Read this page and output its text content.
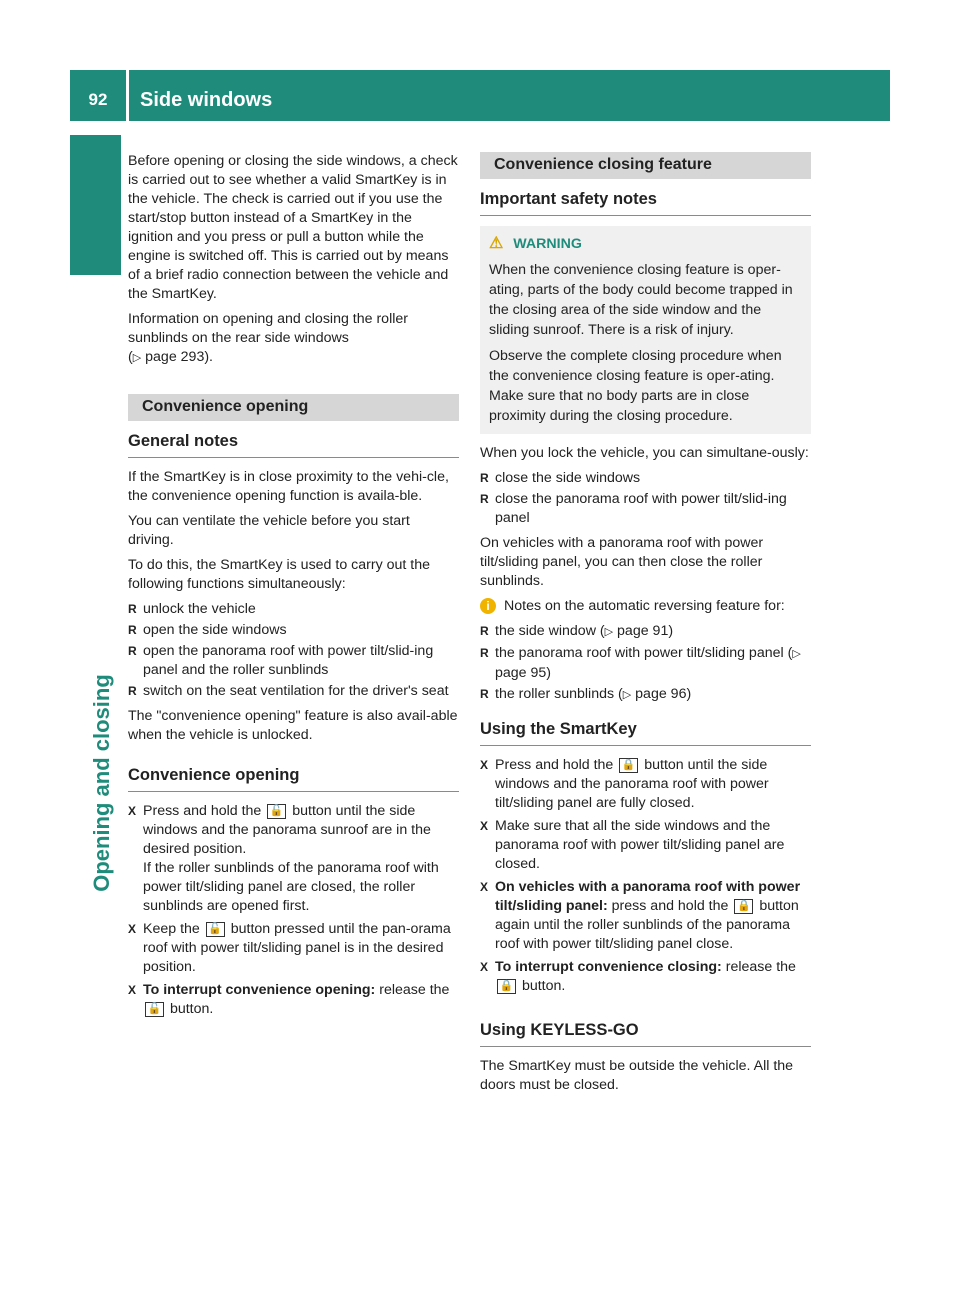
92	Side windows
Opening and closing

Before opening or closing the side windows, a check is carried out to see whether a valid SmartKey is in the vehicle. The check is carried out if you use the start/stop button instead of a SmartKey in the ignition and you press or pull a button while the engine is switched off. This is carried out by means of a brief radio connection between the vehicle and the SmartKey.

Information on opening and closing the roller sunblinds on the rear side windows
(▷ page 293).

Convenience opening
General notes

If the SmartKey is in close proximity to the vehi-cle, the convenience opening function is availa-ble.

You can ventilate the vehicle before you start driving.

To do this, the SmartKey is used to carry out the following functions simultaneously:

R unlock the vehicle
R open the side windows
R open the panorama roof with power tilt/slid-ing panel and the roller sunblinds
R switch on the seat ventilation for the driver's seat

The "convenience opening" feature is also avail-able when the vehicle is unlocked.

Convenience opening
X Press and hold the 🔓 button until the side windows and the panorama sunroof are in the desired position.
If the roller sunblinds of the panorama roof with power tilt/sliding panel are closed, the roller sunblinds are opened first.
X Keep the 🔓 button pressed until the pan-orama roof with power tilt/sliding panel is in the desired position.
X To interrupt convenience opening: release the 🔓 button.
Convenience closing feature
Important safety notes
⚠ WARNING

When the convenience closing feature is oper-ating, parts of the body could become trapped in the closing area of the side window and the sliding sunroof. There is a risk of injury.

Observe the complete closing procedure when the convenience closing feature is oper-ating. Make sure that no body parts are in close proximity during the closing procedure.

When you lock the vehicle, you can simultane-ously:

R close the side windows
R close the panorama roof with power tilt/slid-ing panel

On vehicles with a panorama roof with power tilt/sliding panel, you can then close the roller sunblinds.

i	Notes on the automatic reversing feature for:
R the side window (▷ page 91)
R the panorama roof with power tilt/sliding panel (▷ page 95)
R the roller sunblinds (▷ page 96)
Using the SmartKey
X Press and hold the 🔒 button until the side windows and the panorama roof with power tilt/sliding panel are fully closed.
X Make sure that all the side windows and the panorama roof with power tilt/sliding panel are closed.
X On vehicles with a panorama roof with power tilt/sliding panel: press and hold the 🔒 button again until the roller sunblinds of the panorama roof with power tilt/sliding panel close.
X To interrupt convenience closing: release the 🔒 button.
Using KEYLESS-GO

The SmartKey must be outside the vehicle. All the doors must be closed.
